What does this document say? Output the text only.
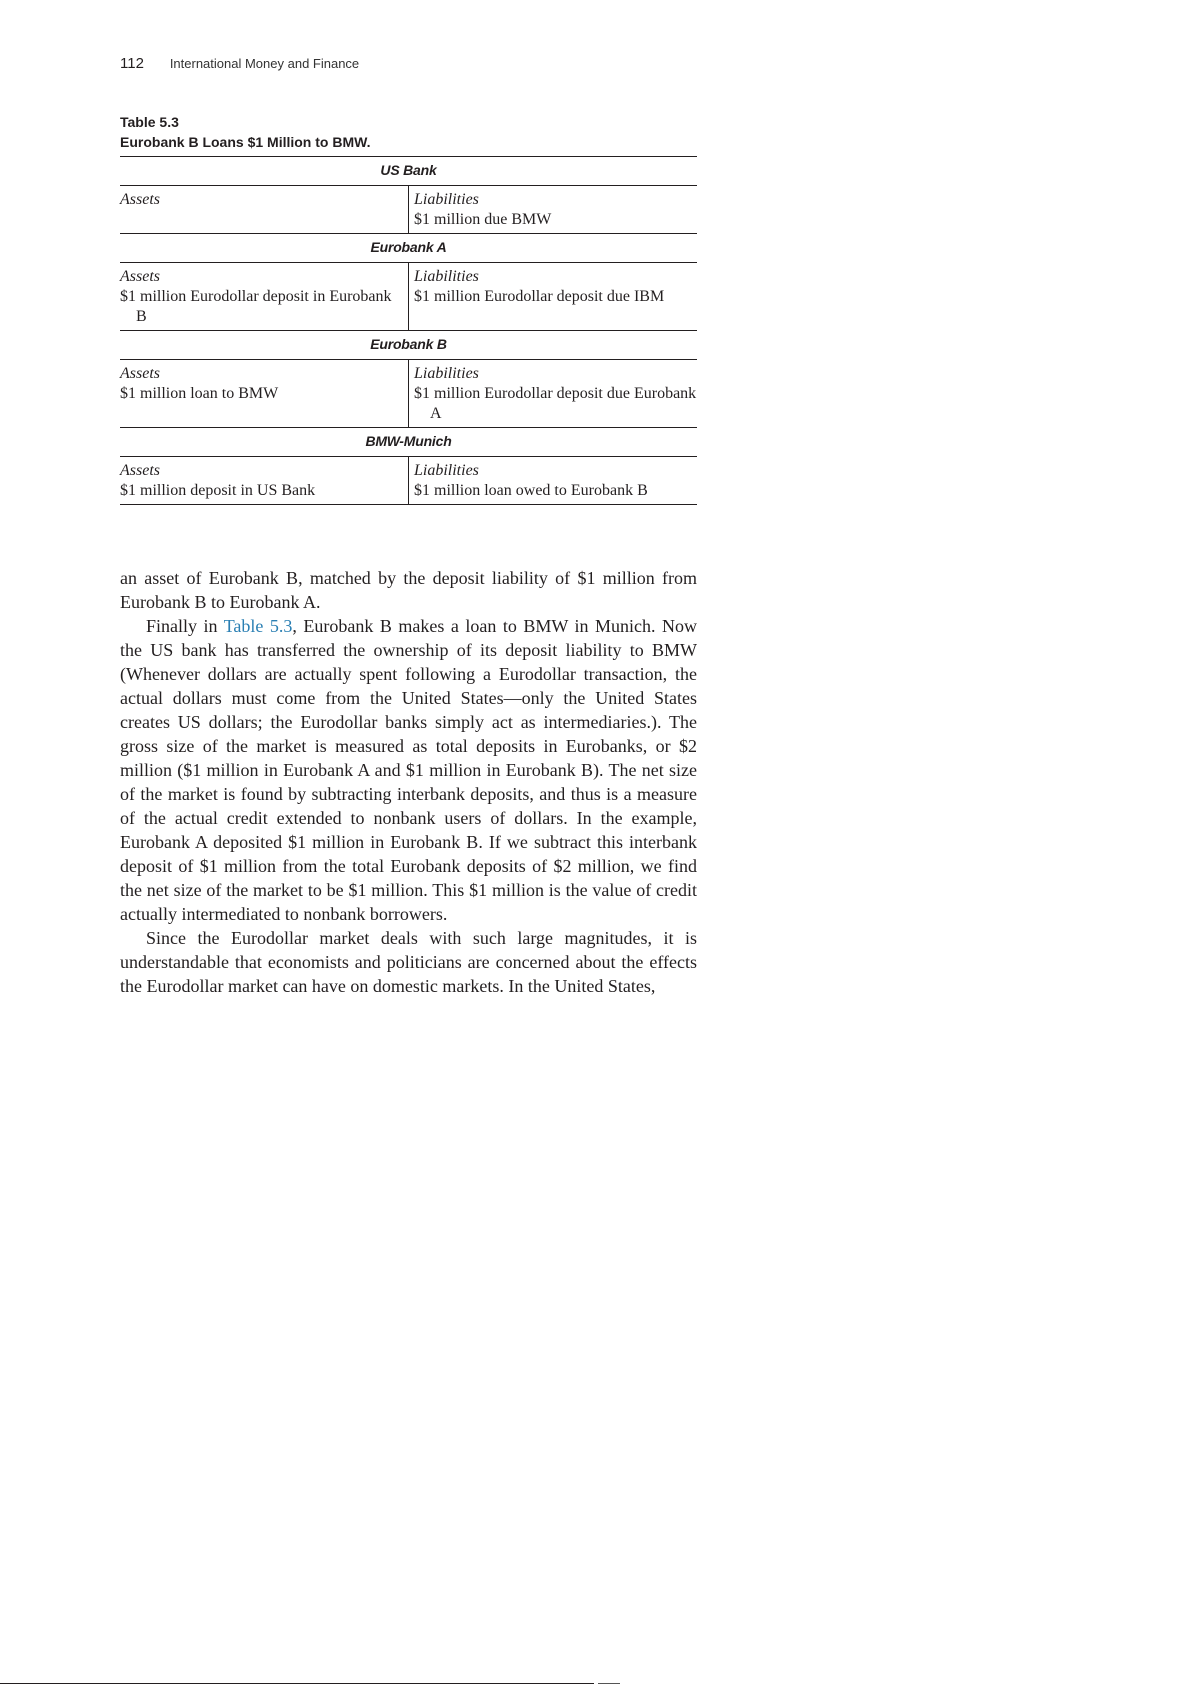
112 International Money and Finance
Table 5.3
Eurobank B Loans $1 Million to BMW.
US Bank
Assets	Liabilities
$1 million due BMW
Eurobank A
Assets
$1 million Eurodollar deposit in Eurobank B
Liabilities
$1 million Eurodollar deposit due IBM
Eurobank B
Assets
$1 million loan to BMW
Liabilities
$1 million Eurodollar deposit due Eurobank A
BMW-Munich
Assets
$1 million deposit in US Bank
Liabilities
$1 million loan owed to Eurobank B

an asset of Eurobank B, matched by the deposit liability of $1 million from Eurobank B to Eurobank A.

Finally in Table 5.3, Eurobank B makes a loan to BMW in Munich. Now the US bank has transferred the ownership of its deposit liability to BMW (Whenever dollars are actually spent following a Eurodollar transaction, the actual dollars must come from the United States—only the United States creates US dollars; the Eurodollar banks simply act as intermediaries.). The gross size of the market is measured as total deposits in Eurobanks, or $2 million ($1 million in Eurobank A and $1 million in Eurobank B). The net size of the market is found by subtracting interbank deposits, and thus is a measure of the actual credit extended to nonbank users of dollars. In the example, Eurobank A deposited $1 million in Eurobank B. If we subtract this interbank deposit of $1 million from the total Eurobank deposits of $2 million, we find the net size of the market to be $1 million. This $1 million is the value of credit actually intermediated to nonbank borrowers.

Since the Eurodollar market deals with such large magnitudes, it is understandable that economists and politicians are concerned about the effects the Eurodollar market can have on domestic markets. In the United States,
